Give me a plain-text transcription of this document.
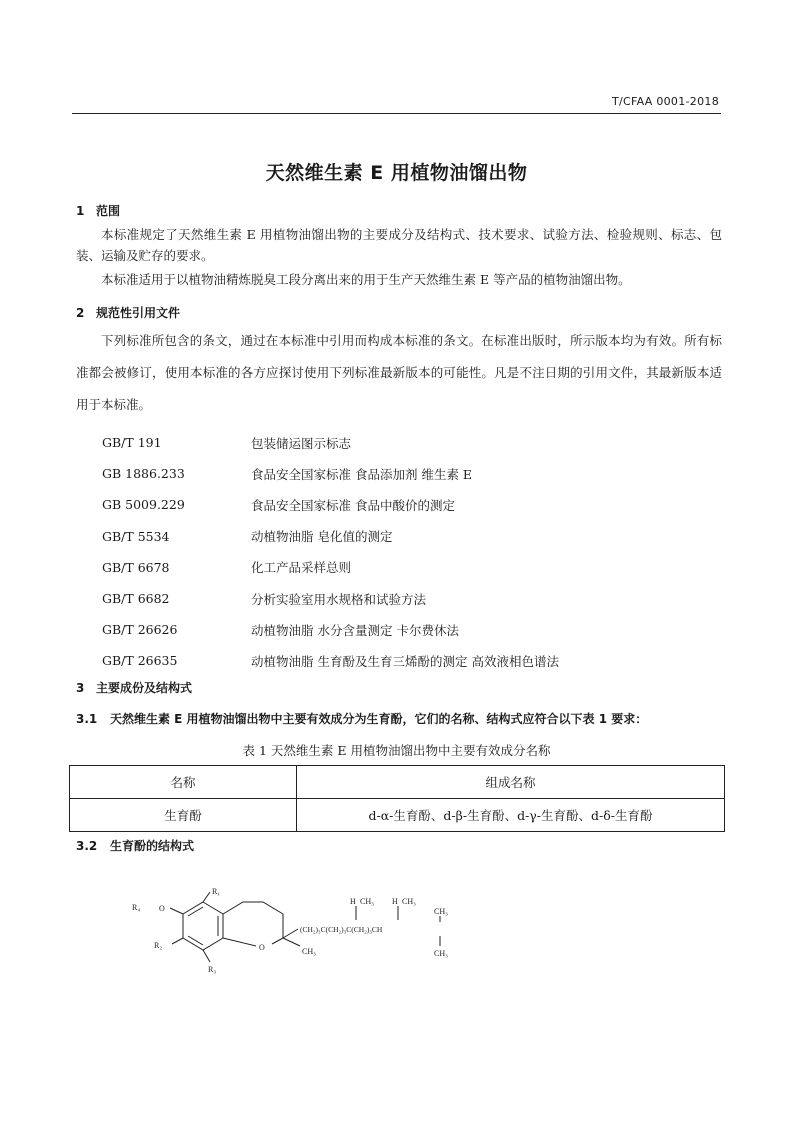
T/CFAA 0001-2018
天然维生素 E 用植物油馏出物
1 范围
本标准规定了天然维生素 E 用植物油馏出物的主要成分及结构式、技术要求、试验方法、检验规则、标志、包装、运输及贮存的要求。
本标准适用于以植物油精炼脱臭工段分离出来的用于生产天然维生素 E 等产品的植物油馏出物。
2 规范性引用文件
下列标准所包含的条文，通过在本标准中引用而构成本标准的条文。在标准出版时，所示版本均为有效。所有标准都会被修订，使用本标准的各方应探讨使用下列标准最新版本的可能性。凡是不注日期的引用文件，其最新版本适用于本标准。
GB/T 191	包装储运图示标志
GB 1886.233	食品安全国家标准 食品添加剂 维生素 E
GB 5009.229	食品安全国家标准 食品中酸价的测定
GB/T 5534	动植物油脂 皂化值的测定
GB/T 6678	化工产品采样总则
GB/T 6682	分析实验室用水规格和试验方法
GB/T 26626	动植物油脂 水分含量测定 卡尔费休法
GB/T 26635	动植物油脂 生育酚及生育三烯酚的测定 高效液相色谱法
3 主要成份及结构式
3.1 天然维生素 E 用植物油馏出物中主要有效成分为生育酚，它们的名称、结构式应符合以下表 1 要求：
表 1 天然维生素 E 用植物油馏出物中主要有效成分名称
名称	组成名称
生育酚	d-α-生育酚、d-β-生育酚、d-γ-生育酚、d-δ-生育酚
3.2 生育酚的结构式
R₁
R₄ O
R₂
R₃
O
(CH₂)₃C(CH₂)₃C(CH₂)₃CH
CH₃
H CH₃ H CH₃
CH₃
CH₃
